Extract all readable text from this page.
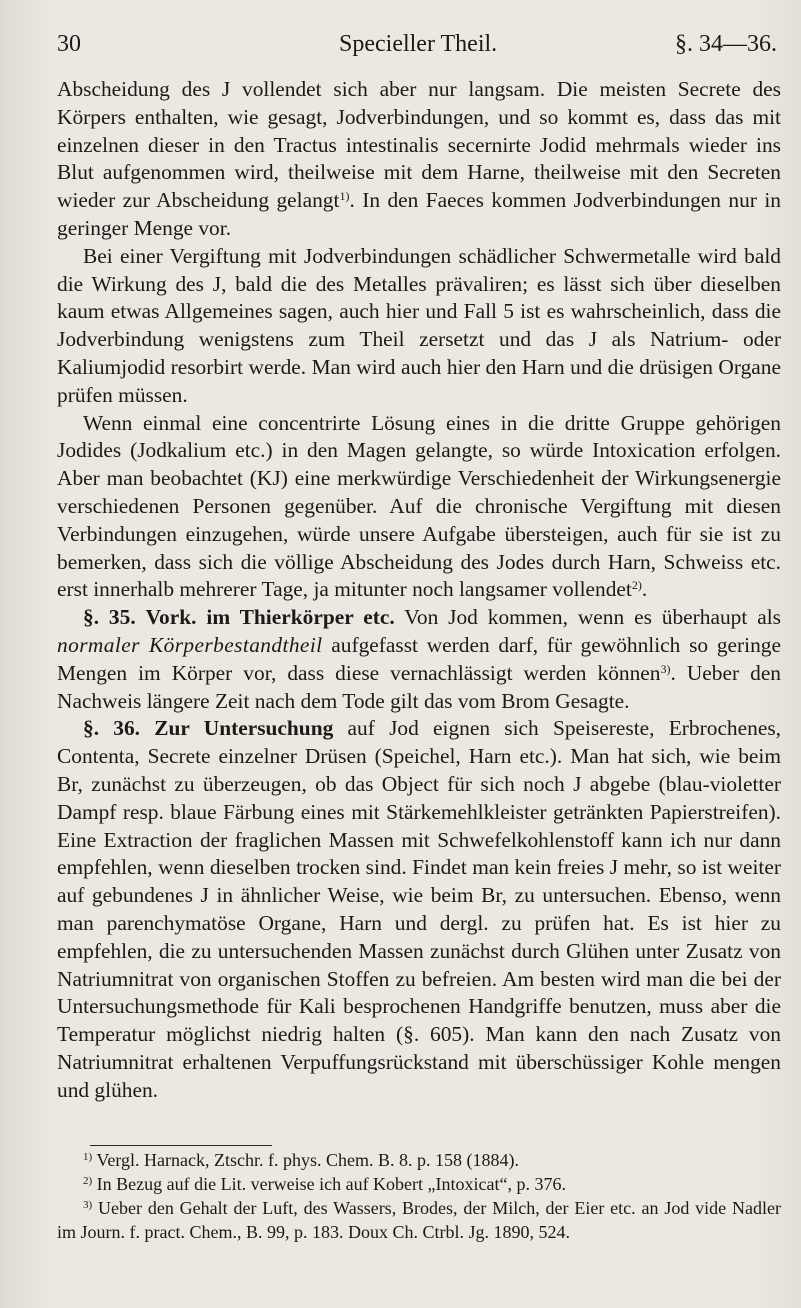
30	Specieller Theil.	§. 34—36.

Abscheidung des J vollendet sich aber nur langsam. Die meisten Secrete des Körpers enthalten, wie gesagt, Jodverbindungen, und so kommt es, dass das mit einzelnen dieser in den Tractus intestinalis secernirte Jodid mehrmals wieder ins Blut aufgenommen wird, theilweise mit dem Harne, theilweise mit den Secreten wieder zur Abscheidung gelangt$^{1)}$. In den Faeces kommen Jodverbindungen nur in geringer Menge vor.

Bei einer Vergiftung mit Jodverbindungen schädlicher Schwermetalle wird bald die Wirkung des J, bald die des Metalles prävaliren; es lässt sich über dieselben kaum etwas Allgemeines sagen, auch hier und Fall 5 ist es wahrscheinlich, dass die Jodverbindung wenigstens zum Theil zersetzt und das J als Natrium- oder Kaliumjodid resorbirt werde. Man wird auch hier den Harn und die drüsigen Organe prüfen müssen.

Wenn einmal eine concentrirte Lösung eines in die dritte Gruppe gehörigen Jodides (Jodkalium etc.) in den Magen gelangte, so würde Intoxication erfolgen. Aber man beobachtet (KJ) eine merkwürdige Verschiedenheit der Wirkungsenergie verschiedenen Personen gegenüber. Auf die chronische Vergiftung mit diesen Verbindungen einzugehen, würde unsere Aufgabe übersteigen, auch für sie ist zu bemerken, dass sich die völlige Abscheidung des Jodes durch Harn, Schweiss etc. erst innerhalb mehrerer Tage, ja mitunter noch langsamer vollendet$^{2)}$.

§. 35. Vork. im Thierkörper etc. Von Jod kommen, wenn es überhaupt als normaler Körperbestandtheil aufgefasst werden darf, für gewöhnlich so geringe Mengen im Körper vor, dass diese vernachlässigt werden können$^{3)}$. Ueber den Nachweis längere Zeit nach dem Tode gilt das vom Brom Gesagte.

§. 36. Zur Untersuchung auf Jod eignen sich Speisereste, Erbrochenes, Contenta, Secrete einzelner Drüsen (Speichel, Harn etc.). Man hat sich, wie beim Br, zunächst zu überzeugen, ob das Object für sich noch J abgebe (blau-violetter Dampf resp. blaue Färbung eines mit Stärkemehlkleister getränkten Papierstreifen). Eine Extraction der fraglichen Massen mit Schwefelkohlenstoff kann ich nur dann empfehlen, wenn dieselben trocken sind. Findet man kein freies J mehr, so ist weiter auf gebundenes J in ähnlicher Weise, wie beim Br, zu untersuchen. Ebenso, wenn man parenchymatöse Organe, Harn und dergl. zu prüfen hat. Es ist hier zu empfehlen, die zu untersuchenden Massen zunächst durch Glühen unter Zusatz von Natriumnitrat von organischen Stoffen zu befreien. Am besten wird man die bei der Untersuchungsmethode für Kali besprochenen Handgriffe benutzen, muss aber die Temperatur möglichst niedrig halten (§. 605). Man kann den nach Zusatz von Natriumnitrat erhaltenen Verpuffungsrückstand mit überschüssiger Kohle mengen und glühen.

$^{1)}$ Vergl. Harnack, Ztschr. f. phys. Chem. B. 8. p. 158 (1884).

$^{2)}$ In Bezug auf die Lit. verweise ich auf Kobert „Intoxicat“, p. 376.

$^{3)}$ Ueber den Gehalt der Luft, des Wassers, Brodes, der Milch, der Eier etc. an Jod vide Nadler im Journ. f. pract. Chem., B. 99, p. 183. Doux Ch. Ctrbl. Jg. 1890, 524.
